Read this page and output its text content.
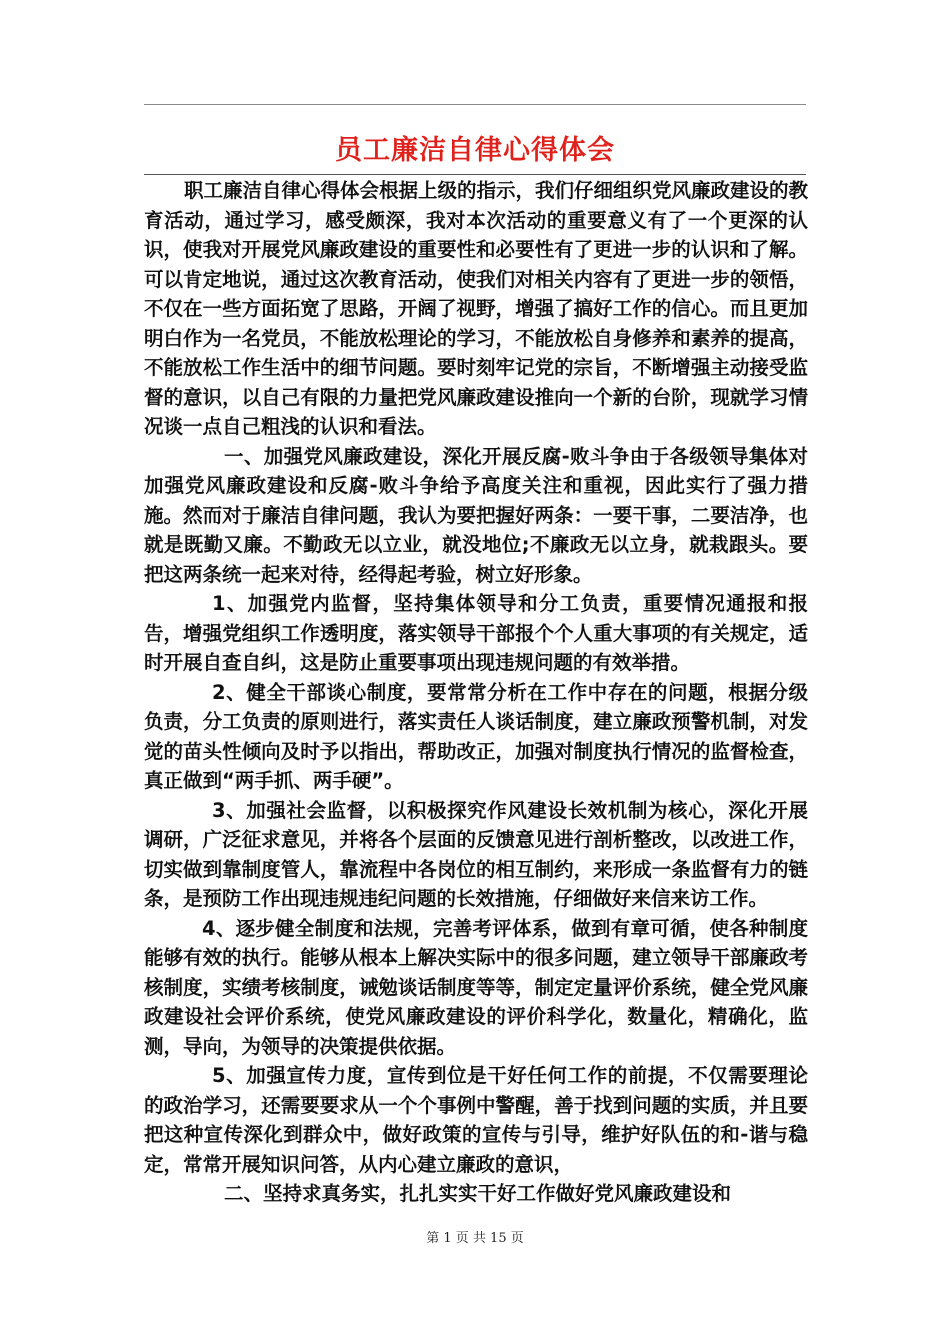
员工廉洁自律心得体会

职工廉洁自律心得体会根据上级的指示，我们仔细组织党风廉政建设的教育活动，通过学习，感受颇深，我对本次活动的重要意义有了一个更深的认识，使我对开展党风廉政建设的重要性和必要性有了更进一步的认识和了解。可以肯定地说，通过这次教育活动，使我们对相关内容有了更进一步的领悟，不仅在一些方面拓宽了思路，开阔了视野，增强了搞好工作的信心。而且更加明白作为一名党员，不能放松理论的学习，不能放松自身修养和素养的提高，不能放松工作生活中的细节问题。要时刻牢记党的宗旨，不断增强主动接受监督的意识，以自己有限的力量把党风廉政建设推向一个新的台阶，现就学习情况谈一点自己粗浅的认识和看法。

一、加强党风廉政建设，深化开展反腐-败斗争由于各级领导集体对加强党风廉政建设和反腐-败斗争给予高度关注和重视，因此实行了强力措施。然而对于廉洁自律问题，我认为要把握好两条：一要干事，二要洁净，也就是既勤又廉。不勤政无以立业，就没地位;不廉政无以立身，就栽跟头。要把这两条统一起来对待，经得起考验，树立好形象。

1、加强党内监督，坚持集体领导和分工负责，重要情况通报和报告，增强党组织工作透明度，落实领导干部报个个人重大事项的有关规定，适时开展自查自纠，这是防止重要事项出现违规问题的有效举措。

2、健全干部谈心制度，要常常分析在工作中存在的问题，根据分级负责，分工负责的原则进行，落实责任人谈话制度，建立廉政预警机制，对发觉的苗头性倾向及时予以指出，帮助改正，加强对制度执行情况的监督检查，真正做到“两手抓、两手硬”。

3、加强社会监督，以积极探究作风建设长效机制为核心，深化开展调研，广泛征求意见，并将各个层面的反馈意见进行剖析整改，以改进工作，切实做到靠制度管人，靠流程中各岗位的相互制约，来形成一条监督有力的链条，是预防工作出现违规违纪问题的长效措施，仔细做好来信来访工作。

4、逐步健全制度和法规，完善考评体系，做到有章可循，使各种制度能够有效的执行。能够从根本上解决实际中的很多问题，建立领导干部廉政考核制度，实绩考核制度，诫勉谈话制度等等，制定定量评价系统，健全党风廉政建设社会评价系统，使党风廉政建设的评价科学化，数量化，精确化，监测，导向，为领导的决策提供依据。

5、加强宣传力度，宣传到位是干好任何工作的前提，不仅需要理论的政治学习，还需要要求从一个个事例中警醒，善于找到问题的实质，并且要把这种宣传深化到群众中，做好政策的宣传与引导，维护好队伍的和-谐与稳定，常常开展知识问答，从内心建立廉政的意识，

二、坚持求真务实，扎扎实实干好工作做好党风廉政建设和

第 1 页 共 15 页
